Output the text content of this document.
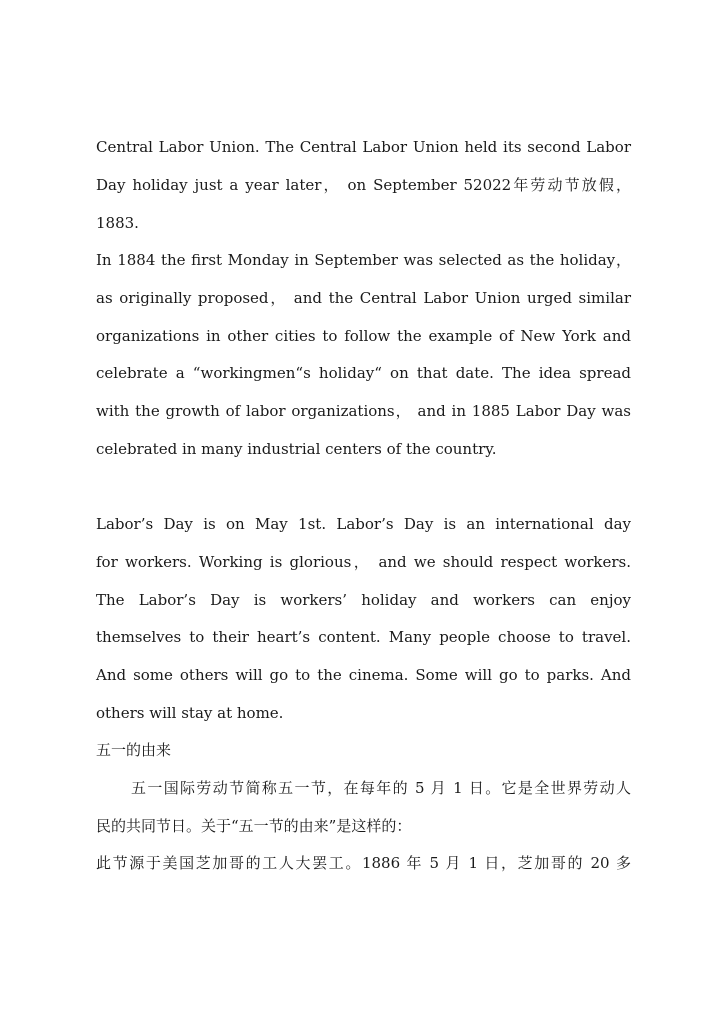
Central Labor Union. The Central Labor Union held its second Labor
Day holiday just a year later， on September 52022年劳动节放假，
1883.
In 1884 the first Monday in September was selected as the holiday，
as originally proposed， and the Central Labor Union urged similar
organizations in other cities to follow the example of New York and
celebrate a “workingmen“s holiday“ on that date. The idea spread
with the growth of labor organizations， and in 1885 Labor Day was
celebrated in many industrial centers of the country.
Labor’s Day is on May 1st. Labor’s Day is an international day
for workers. Working is glorious， and we should respect workers.
The Labor’s Day is workers’ holiday and workers can enjoy
themselves to their heart’s content. Many people choose to travel.
And some others will go to the cinema. Some will go to parks. And
others will stay at home.
五一的由来
五一国际劳动节简称五一节，在每年的 5 月 1 日。它是全世界劳动人
民的共同节日。关于“五一节的由来”是这样的：
此节源于美国芝加哥的工人大罢工。1886 年 5 月 1 日，芝加哥的 20 多
